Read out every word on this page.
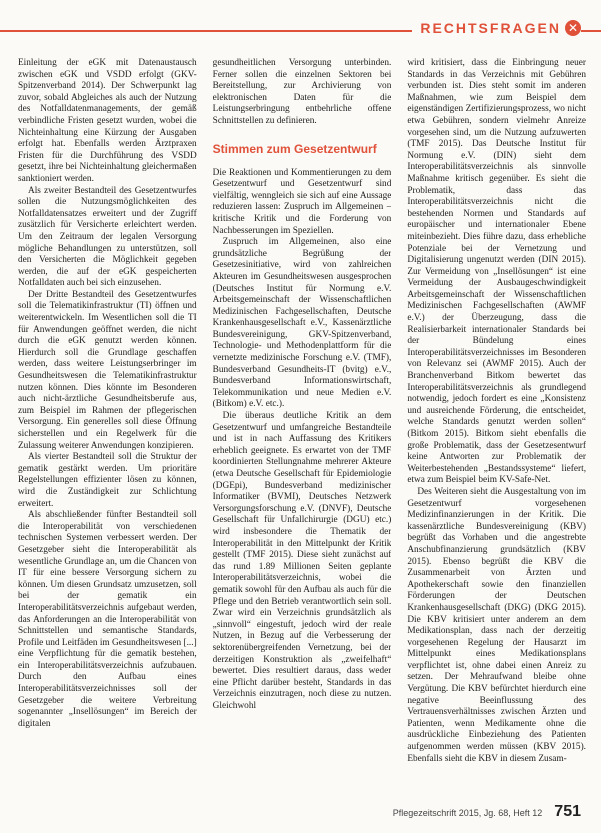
RECHTSFRAGEN ✕

Einleitung der eGK mit Datenaustausch zwischen eGK und VSDD erfolgt (GKV-Spitzenverband 2014). Der Schwerpunkt lag zuvor, sobald Abgleiches als auch der Nutzung des Notfalldatenmanagements, der gemäß verbindliche Fristen gesetzt wurden, wobei die Nichteinhaltung eine Kürzung der Ausgaben erfolgt hat. Ebenfalls werden Ärztpraxen Fristen für die Durchführung des VSDD gesetzt, ihre bei Nichteinhaltung gleichermaßen sanktioniert werden.

Als zweiter Bestandteil des Gesetzentwurfes sollen die Nutzungsmöglichkeiten des Notfalldatensatzes erweitert und der Zugriff zusätzlich für Versicherte erleichtert werden. Um den Zeitraum der legalen Versorgung mögliche Behandlungen zu unterstützen, soll den Versicherten die Möglichkeit gegeben werden, die auf der eGK gespeicherten Notfalldaten auch bei sich einzusehen.

Der Dritte Bestandteil des Gesetzentwurfes soll die Telematikinfrastruktur (TI) öffnen und weiterentwickeln. Im Wesentlichen soll die TI für Anwendungen geöffnet werden, die nicht durch die eGK genutzt werden können. Hierdurch soll die Grundlage geschaffen werden, dass weitere Leistungserbringer im Gesundheitswesen die Telematikinfrastruktur nutzen können. Dies könnte im Besonderen auch nicht-ärztliche Gesundheitsberufe aus, zum Beispiel im Rahmen der pflegerischen Versorgung. Ein generelles soll diese Öffnung sicherstellen und ein Regelwerk für die Zulassung weiterer Anwendungen konzipieren.

Als vierter Bestandteil soll die Struktur der gematik gestärkt werden. Um prioritäre Regelstellungen effizienter lösen zu können, wird die Zuständigkeit zur Schlichtung erweitert.

Als abschließender fünfter Bestandteil soll die Interoperabilität von verschiedenen technischen Systemen verbessert werden. Der Gesetzgeber sieht die Interoperabilität als wesentliche Grundlage an, um die Chancen von IT für eine bessere Versorgung sichern zu können. Um diesen Grundsatz umzusetzen, soll bei der gematik ein Interoperabilitätsverzeichnis aufgebaut werden, das Anforderungen an die Interoperabilität von Schnittstellen und semantische Standards, Profile und Leitfäden im Gesundheitswesen [...] eine Verpflichtung für die gematik bestehen, ein Interoperabilitätsverzeichnis aufzubauen. Durch den Aufbau eines Interoperabilitätsverzeichnisses soll der Gesetzgeber die weitere Verbreitung sogenannter „Insellösungen“ im Bereich der digitalen

gesundheitlichen Versorgung unterbinden. Ferner sollen die einzelnen Sektoren bei Bereitstellung, zur Archivierung von elektronischen Daten für die Leistungserbringung entbehrliche offene Schnittstellen zu definieren.

Stimmen zum Gesetzentwurf

Die Reaktionen und Kommentierungen zu dem Gesetzentwurf und Gesetzentwurf sind vielfältig, wenngleich sie sich auf eine Aussage reduzieren lassen: Zuspruch im Allgemeinen – kritische Kritik und die Forderung von Nachbesserungen im Speziellen.

Zuspruch im Allgemeinen, also eine grundsätzliche Begrüßung der Gesetzesinitiative, wird von zahlreichen Akteuren im Gesundheitswesen ausgesprochen (Deutsches Institut für Normung e.V. Arbeitsgemeinschaft der Wissenschaftlichen Medizinischen Fachgesellschaften, Deutsche Krankenhausgesellschaft e.V., Kassenärztliche Bundesvereinigung, GKV-Spitzenverband, Technologie- und Methodenplattform für die vernetzte medizinische Forschung e.V. (TMF), Bundesverband Gesundheits-IT (bvitg) e.V., Bundesverband Informationswirtschaft, Telekommunikation und neue Medien e.V. (Bitkom) e.V. etc.).

Die überaus deutliche Kritik an dem Gesetzentwurf und umfangreiche Bestandteile und ist in nach Auffassung des Kritikers erheblich geeignete. Es erwartet von der TMF koordinierten Stellungnahme mehrerer Akteure (etwa Deutsche Gesellschaft für Epidemiologie (DGEpi), Bundesverband medizinischer Informatiker (BVMI), Deutsches Netzwerk Versorgungsforschung e.V. (DNVF), Deutsche Gesellschaft für Unfallchirurgie (DGU) etc.) wird insbesondere die Thematik der Interoperabilität in den Mittelpunkt der Kritik gestellt (TMF 2015). Diese sieht zunächst auf das rund 1.89 Millionen Seiten geplante Interoperabilitätsverzeichnis, wobei die gematik sowohl für den Aufbau als auch für die Pflege und den Betrieb verantwortlich sein soll. Zwar wird ein Verzeichnis grundsätzlich als „sinnvoll“ eingestuft, jedoch wird der reale Nutzen, in Bezug auf die Verbesserung der sektorenübergreifenden Vernetzung, bei der derzeitigen Konstruktion als „zweifelhaft“ bewertet. Dies resultiert daraus, dass weder eine Pflicht darüber besteht, Standards in das Verzeichnis einzutragen, noch diese zu nutzen. Gleichwohl

wird kritisiert, dass die Einbringung neuer Standards in das Verzeichnis mit Gebühren verbunden ist. Dies steht somit im anderen Maßnahmen, wie zum Beispiel dem eigenständigen Zertifizierungsprozess, wo nicht etwa Gebühren, sondern vielmehr Anreize vorgesehen sind, um die Nutzung aufzuwerten (TMF 2015). Das Deutsche Institut für Normung e.V. (DIN) sieht dem Interoperabilitätsverzeichnis als sinnvolle Maßnahme kritisch gegenüber. Es sieht die Problematik, dass das Interoperabilitätsverzeichnis nicht die bestehenden Normen und Standards auf europäischer und internationaler Ebene miteinbezieht. Dies führe dazu, dass erhebliche Potenziale bei der Vernetzung und Digitalisierung ungenutzt werden (DIN 2015). Zur Vermeidung von „Insellösungen“ ist eine Vermeidung der Ausbaugeschwindigkeit Arbeitsgemeinschaft der Wissenschaftlichen Medizinischen Fachgesellschaften (AWMF e.V.) der Überzeugung, dass die Realisierbarkeit internationaler Standards bei der Bündelung eines Interoperabilitätsverzeichnisses im Besonderen von Relevanz sei (AWMF 2015). Auch der Branchenverband Bitkom bewertet das Interoperabilitätsverzeichnis als grundlegend notwendig, jedoch fordert es eine „Konsistenz und ausreichende Förderung, die entscheidet, welche Standards genutzt werden sollen“ (Bitkom 2015). Bitkom sieht ebenfalls die große Problematik, dass der Gesetzesentwurf keine Antworten zur Problematik der Weiterbestehenden „Bestandssysteme“ liefert, etwa zum Beispiel beim KV-Safe-Net.

Des Weiteren sieht die Ausgestaltung von im Gesetzentwurf vorgesehenen Medizinfinanzierungen in der Kritik. Die kassenärztliche Bundesvereinigung (KBV) begrüßt das Vorhaben und die angestrebte Anschubfinanzierung grundsätzlich (KBV 2015). Ebenso begrüßt die KBV die Zusammenarbeit von Ärzten und Apothekerschaft sowie den finanziellen Förderungen der Deutschen Krankenhausgesellschaft (DKG) (DKG 2015). Die KBV kritisiert unter anderem an dem Medikationsplan, dass nach der derzeitig vorgesehenen Regelung der Hausarzt im Mittelpunkt eines Medikationsplans verpflichtet ist, ohne dabei einen Anreiz zu setzen. Der Mehraufwand bleibe ohne Vergütung. Die KBV befürchtet hierdurch eine negative Beeinflussung des Vertrauensverhältnisses zwischen Ärzten und Patienten, wenn Medikamente ohne die ausdrückliche Einbeziehung des Patienten aufgenommen werden müssen (KBV 2015). Ebenfalls sieht die KBV in diesem Zusam-

Pflegezeitschrift 2015, Jg. 68, Heft 12 751
